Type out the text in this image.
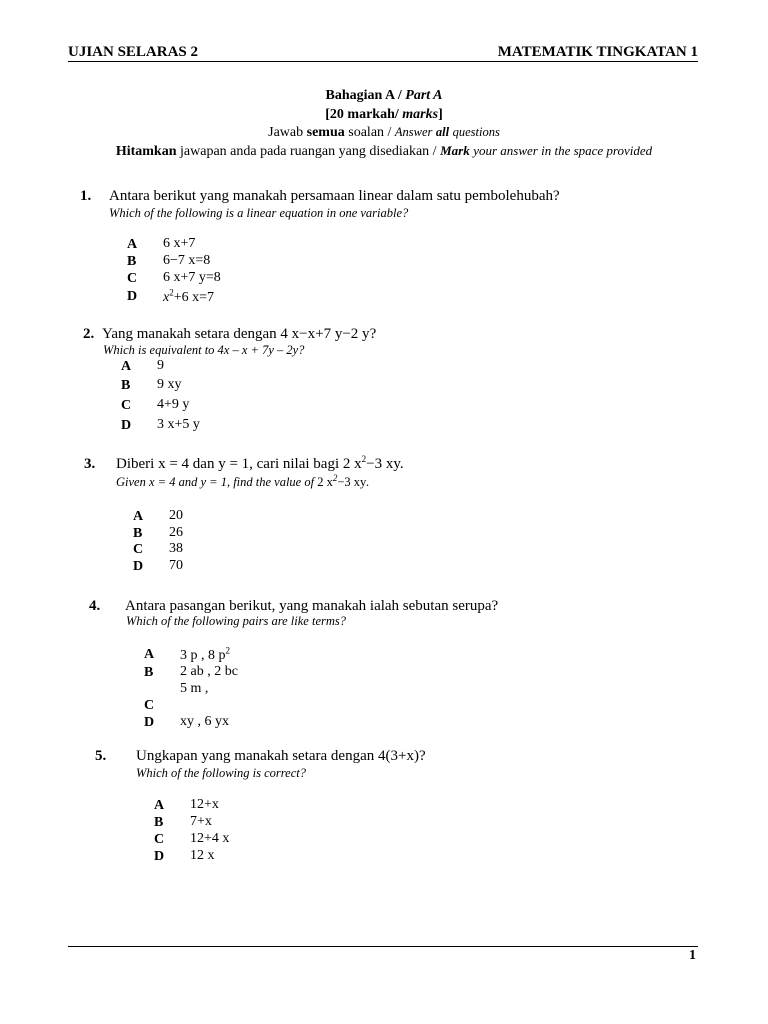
UJIAN SELARAS 2	MATEMATIK TINGKATAN 1
Bahagian A / Part A
[20 markah/ marks]
Jawab semua soalan / Answer all questions
Hitamkan jawapan anda pada ruangan yang disediakan / Mark your answer in the space provided
1. Antara berikut yang manakah persamaan linear dalam satu pembolehubah?
Which of the following is a linear equation in one variable?
A 6 x+7
B 6−7 x=8
C 6 x+7 y=8
D $x^2+6$ x=7
2. Yang manakah setara dengan 4 x−x+7 y−2 y?
Which is equivalent to 4x – x + 7y – 2y?
A 9
B 9 xy
C 4+9 y
D 3 x+5 y
3. Diberi x = 4 dan y = 1, cari nilai bagi 2 $x^2-3$ xy.
Given x = 4 and y = 1, find the value of 2 $x^2-3$ xy.
A 20
B 26
C 38
D 70
4. Antara pasangan berikut, yang manakah ialah sebutan serupa?
Which of the following pairs are like terms?
A 3 p , 8 $p^2$
B 2 ab , 2 bc
5 m ,
C
D xy , 6 yx
5. Ungkapan yang manakah setara dengan 4(3+x)?
Which of the following is correct?
A 12+x
B 7+x
C 12+4 x
D 12 x
1
